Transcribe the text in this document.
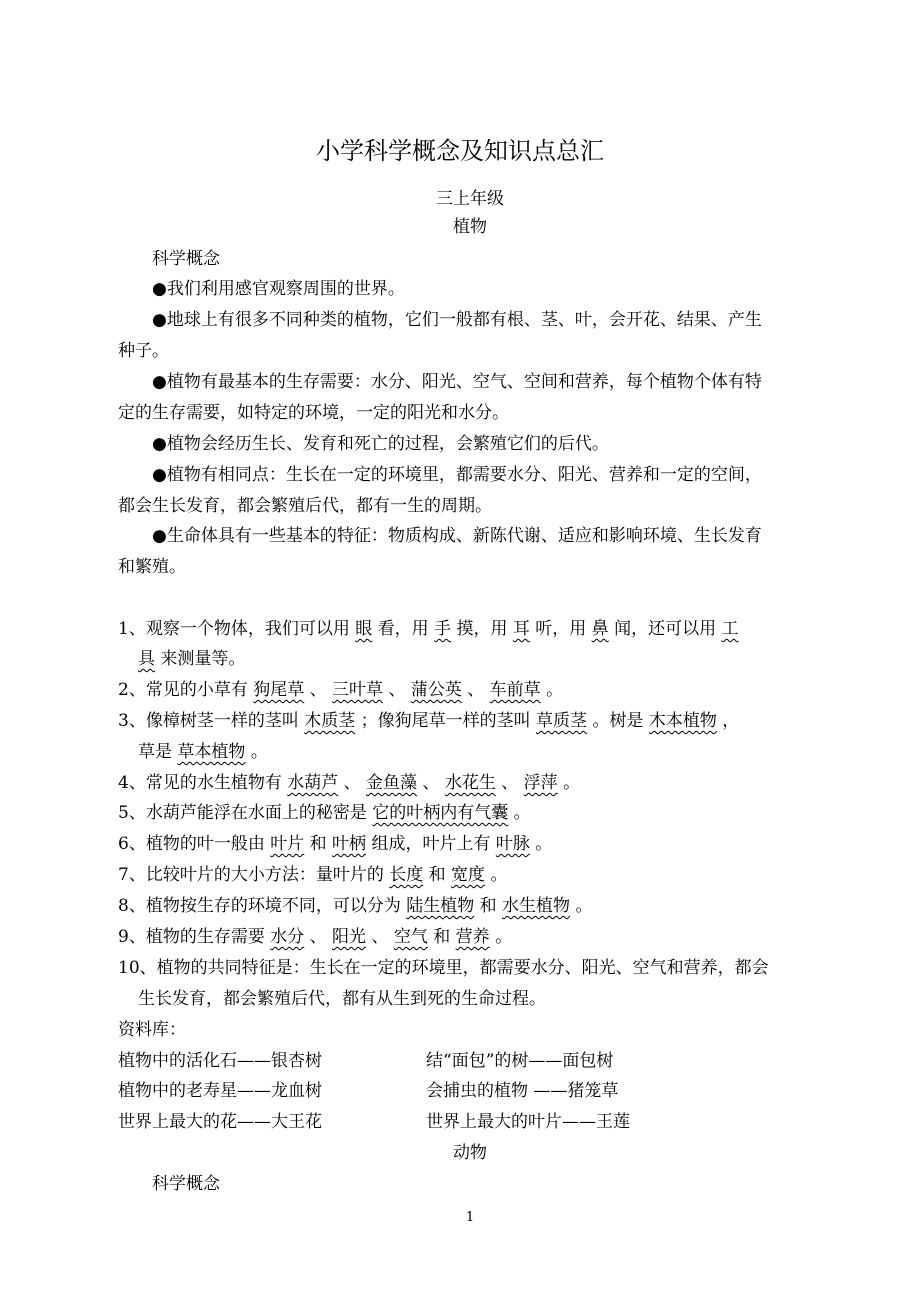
小学科学概念及知识点总汇
三上年级
植物
科学概念
●我们利用感官观察周围的世界。
●地球上有很多不同种类的植物，它们一般都有根、茎、叶，会开花、结果、产生
种子。
●植物有最基本的生存需要：水分、阳光、空气、空间和营养，每个植物个体有特
定的生存需要，如特定的环境，一定的阳光和水分。
●植物会经历生长、发育和死亡的过程，会繁殖它们的后代。
●植物有相同点：生长在一定的环境里，都需要水分、阳光、营养和一定的空间，
都会生长发育，都会繁殖后代，都有一生的周期。
●生命体具有一些基本的特征：物质构成、新陈代谢、适应和影响环境、生长发育
和繁殖。
1、观察一个物体，我们可以用 眼 看，用 手 摸，用 耳 听，用 鼻 闻，还可以用 工
具 来测量等。
2、常见的小草有 狗尾草 、 三叶草 、 蒲公英 、 车前草 。
3、像樟树茎一样的茎叫 木质茎 ；像狗尾草一样的茎叫 草质茎 。树是 木本植物 ，
草是 草本植物 。
4、常见的水生植物有 水葫芦 、 金鱼藻 、 水花生 、 浮萍 。
5、水葫芦能浮在水面上的秘密是 它的叶柄内有气囊 。
6、植物的叶一般由 叶片 和 叶柄 组成，叶片上有 叶脉 。
7、比较叶片的大小方法：量叶片的 长度 和 宽度 。
8、植物按生存的环境不同，可以分为 陆生植物 和 水生植物 。
9、植物的生存需要 水分 、 阳光 、 空气 和 营养 。
10、植物的共同特征是：生长在一定的环境里，都需要水分、阳光、空气和营养，都会
生长发育，都会繁殖后代，都有从生到死的生命过程。
资料库：
植物中的活化石——银杏树	结“面包”的树——面包树
植物中的老寿星——龙血树	会捕虫的植物 ——猪笼草
世界上最大的花——大王花	世界上最大的叶片——王莲
动物
科学概念
1
